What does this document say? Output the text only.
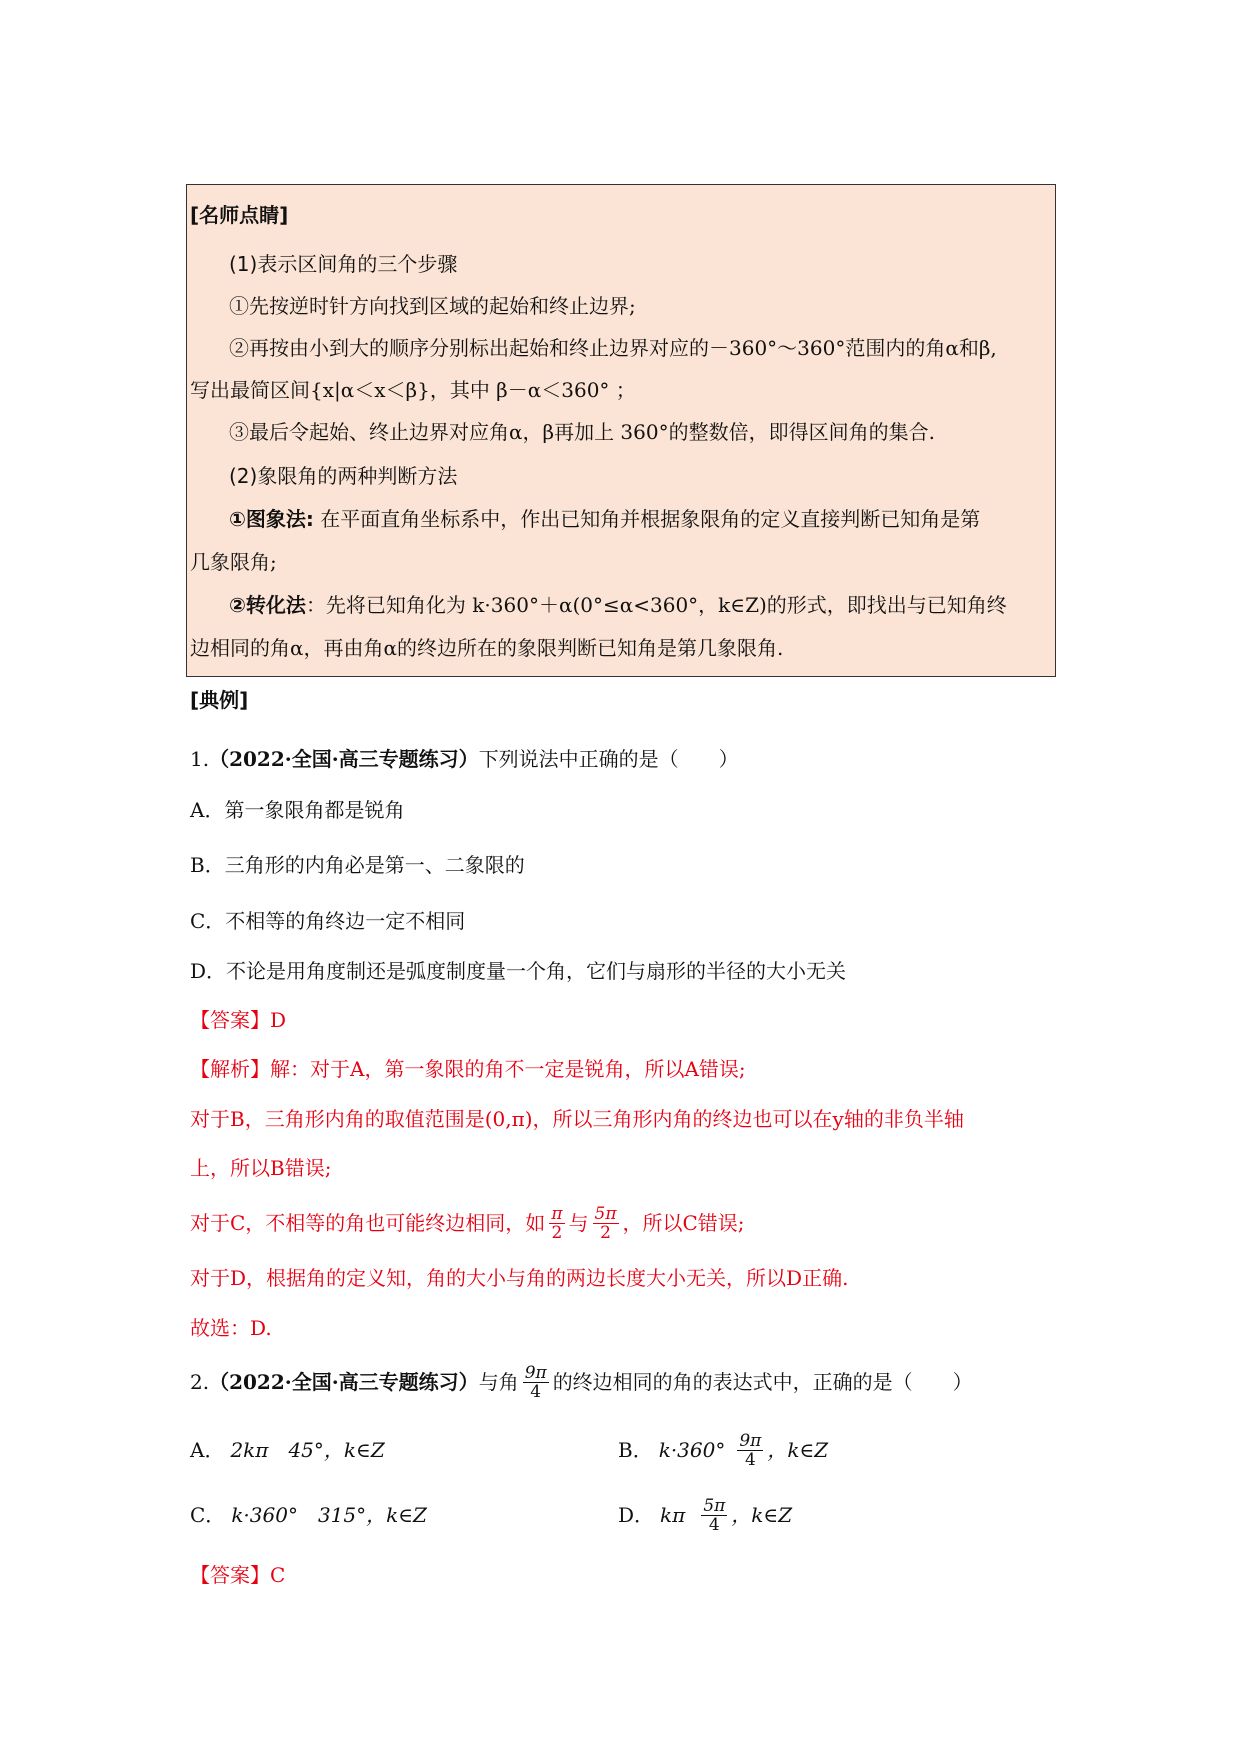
[名师点睛]
(1)表示区间角的三个步骤
①先按逆时针方向找到区域的起始和终止边界;
②再按由小到大的顺序分别标出起始和终止边界对应的－360°～360°范围内的角α和β,
写出最简区间{x|α＜x＜β}，其中 β－α＜360° ；
③最后令起始、终止边界对应角α，β再加上 360°的整数倍，即得区间角的集合.
(2)象限角的两种判断方法
①图象法: 在平面直角坐标系中，作出已知角并根据象限角的定义直接判断已知角是第
几象限角;
②转化法：先将已知角化为 k·360°＋α(0°≤α<360°，k∈Z)的形式，即找出与已知角终
边相同的角α，再由角α的终边所在的象限判断已知角是第几象限角.
[典例]
1.（2022·全国·高三专题练习）下列说法中正确的是（　　）
A．第一象限角都是锐角
B．三角形的内角必是第一、二象限的
C．不相等的角终边一定不相同
D．不论是用角度制还是弧度制度量一个角，它们与扇形的半径的大小无关
【答案】D
【解析】解：对于A，第一象限的角不一定是锐角，所以A错误;
对于B，三角形内角的取值范围是(0,π)，所以三角形内角的终边也可以在y轴的非负半轴
上，所以B错误;
对于C，不相等的角也可能终边相同，如 $\frac{\pi}{2}$ 与 $\frac{5\pi}{2}$ ，所以C错误;
对于D，根据角的定义知，角的大小与角的两边长度大小无关，所以D正确.
故选：D.
2. （2022·全国·高三专题练习） 与角 $\frac{9\pi}{4}$ 的终边相同的角的表达式中，正确的是（　　）
A． 2kπ　45°，k∈Z	B． $k\cdot 360^\circ \frac{9\pi}{4}$ ，k∈Z
C． k·360°　315°，k∈Z	D． kπ $\frac{5\pi}{4}$ ，k∈Z
【答案】C
